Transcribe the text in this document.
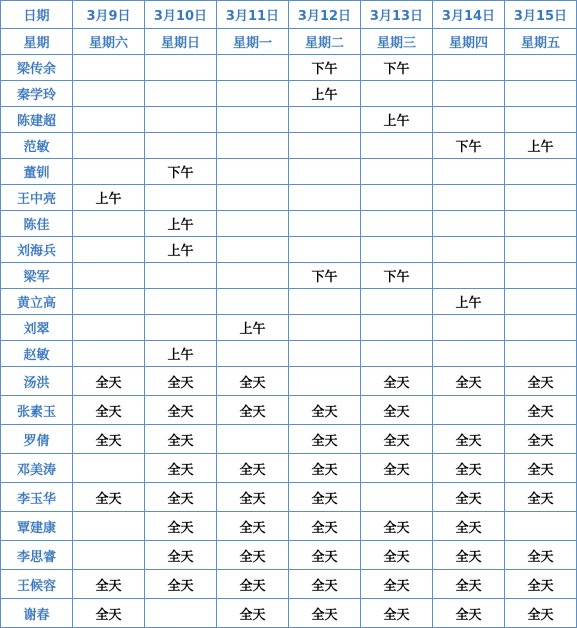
日期	3月9日	3月10日	3月11日	3月12日	3月13日	3月14日	3月15日
星期	星期六	星期日	星期一	星期二	星期三	星期四	星期五
梁传余				下午	下午		
秦学玲				上午			
陈建超					上午		
范敏						下午	上午
董钏		下午					
王中亮	上午						
陈佳		上午					
刘海兵		上午					
梁军				下午	下午		
黄立高						上午	
刘翠			上午				
赵敏		上午					
汤洪	全天	全天	全天		全天	全天	全天
张素玉	全天	全天	全天	全天	全天		全天
罗倩	全天	全天		全天	全天	全天	全天
邓美涛		全天	全天	全天	全天	全天	全天
李玉华	全天	全天	全天	全天		全天	全天
覃建康		全天	全天	全天	全天	全天	
李思睿		全天	全天	全天	全天	全天	全天
王候容	全天	全天	全天	全天	全天	全天	全天
谢春	全天		全天	全天	全天	全天	全天
